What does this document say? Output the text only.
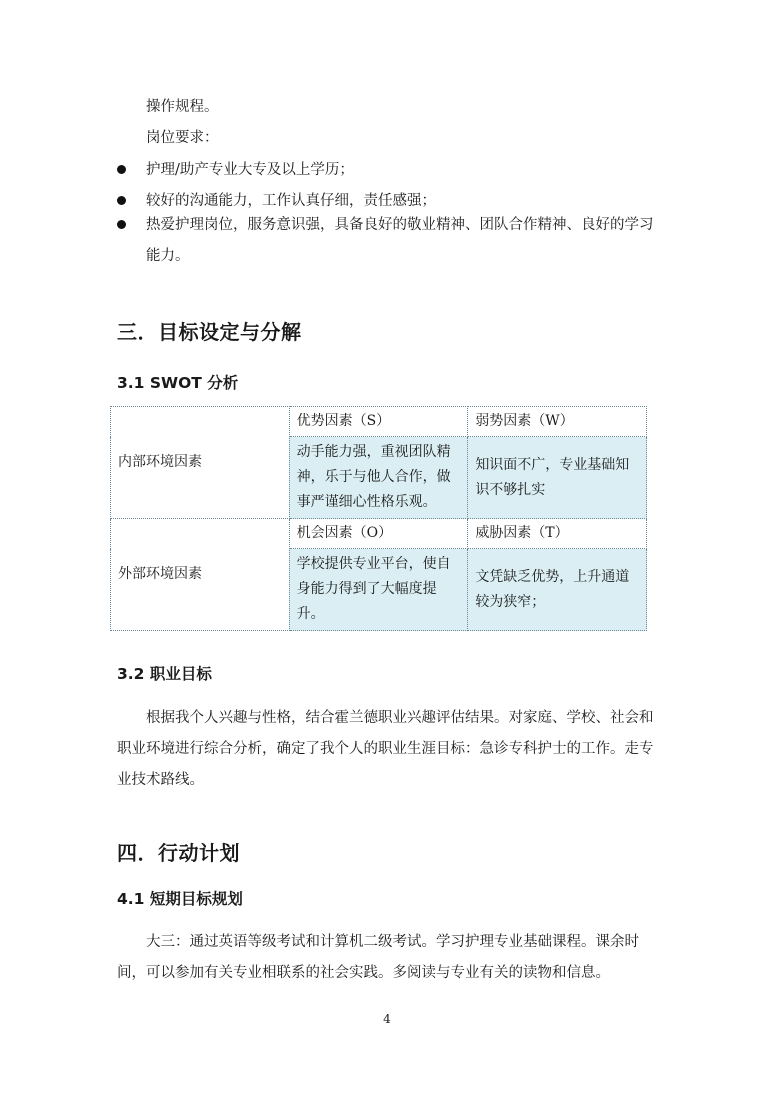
操作规程。

岗位要求：

护理/助产专业大专及以上学历；
较好的沟通能力，工作认真仔细，责任感强；
热爱护理岗位，服务意识强，具备良好的敬业精神、团队合作精神、良好的学习能力。
三．目标设定与分解
3.1 SWOT 分析
内部环境因素	优势因素（S）	弱势因素（W）
	动手能力强，重视团队精神，乐于与他人合作，做事严谨细心性格乐观。	知识面不广，专业基础知识不够扎实
外部环境因素	机会因素（O）	威胁因素（T）
	学校提供专业平台，使自身能力得到了大幅度提升。	文凭缺乏优势，上升通道较为狭窄；
3.2 职业目标

根据我个人兴趣与性格，结合霍兰德职业兴趣评估结果。对家庭、学校、社会和职业环境进行综合分析，确定了我个人的职业生涯目标：急诊专科护士的工作。走专业技术路线。

四．行动计划
4.1 短期目标规划

大三：通过英语等级考试和计算机二级考试。学习护理专业基础课程。课余时间，可以参加有关专业相联系的社会实践。多阅读与专业有关的读物和信息。

4
